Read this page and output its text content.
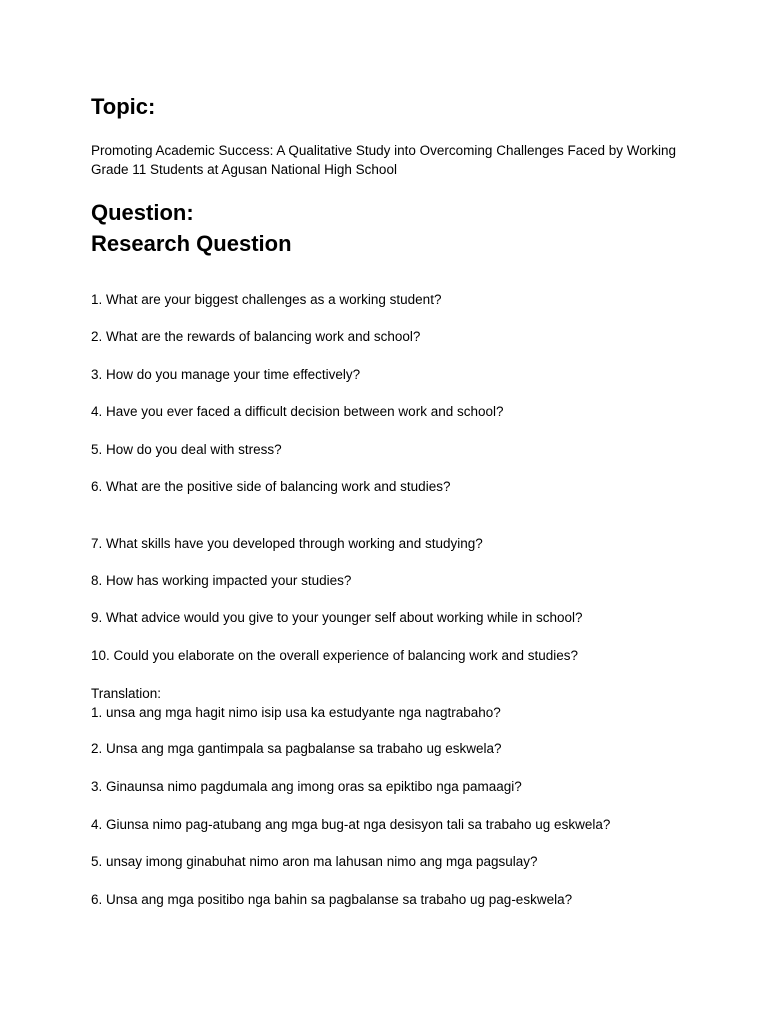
Topic:
Promoting Academic Success: A Qualitative Study into Overcoming Challenges Faced by Working Grade 11 Students at Agusan National High School
Question:
Research Question
1. What are your biggest challenges as a working student?
2. What are the rewards of balancing work and school?
3. How do you manage your time effectively?
4. Have you ever faced a difficult decision between work and school?
5. How do you deal with stress?
6. What are the positive side of balancing work and studies?
7. What skills have you developed through working and studying?
8. How has working impacted your studies?
9. What advice would you give to your younger self about working while in school?
10. Could you elaborate on the overall experience of balancing work and studies?
Translation:
1. unsa ang mga hagit nimo isip usa ka estudyante nga nagtrabaho?
2. Unsa ang mga gantimpala sa pagbalanse sa trabaho ug eskwela?
3. Ginaunsa nimo pagdumala ang imong oras sa epiktibo nga pamaagi?
4. Giunsa nimo pag-atubang ang mga bug-at nga desisyon tali sa trabaho ug eskwela?
5. unsay imong ginabuhat nimo aron ma lahusan nimo ang mga pagsulay?
6. Unsa ang mga positibo nga bahin sa pagbalanse sa trabaho ug pag-eskwela?
